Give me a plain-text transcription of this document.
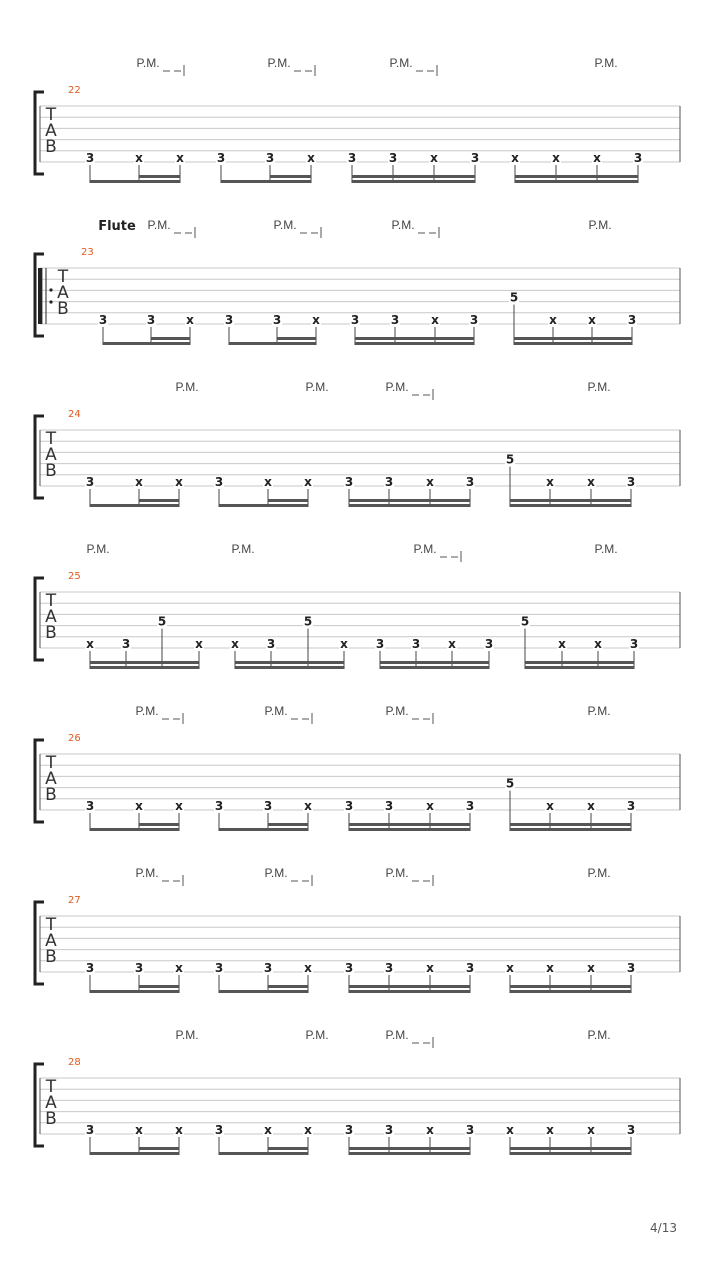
P.M.	P.M.	P.M.	P.M.
22
T
A
B
3	x	x	3	3	x	3	3	x	3	x	x	x	3
P.M.	P.M.	P.M.	P.M.
Flute
23
T
A
B
3	3	x	3	3	x	3	3	x	3
5
x	x	3
P.M.	P.M.	P.M.	P.M.
24
T
A
B
3	x	x	3	x	x	3	3	x	3
5
x	x	3
P.M.	P.M.	P.M.	P.M.
25
T
A
B
x 3
5
x x 3
5
x 3 3 x 3
5
x x 3
P.M.	P.M.	P.M.	P.M.
26
T
A
B
3	x	x	3	3	x	3	3	x	3
5
x	x	3
P.M.	P.M.	P.M.	P.M.
27
T
A
B
3	3	x	3	3	x	3	3	x	3	x	x	x	3
P.M.	P.M.	P.M.	P.M.
28
T
A
B
3	x	x	3	x	x	3	3	x	3	x	x	x	3
4/13
